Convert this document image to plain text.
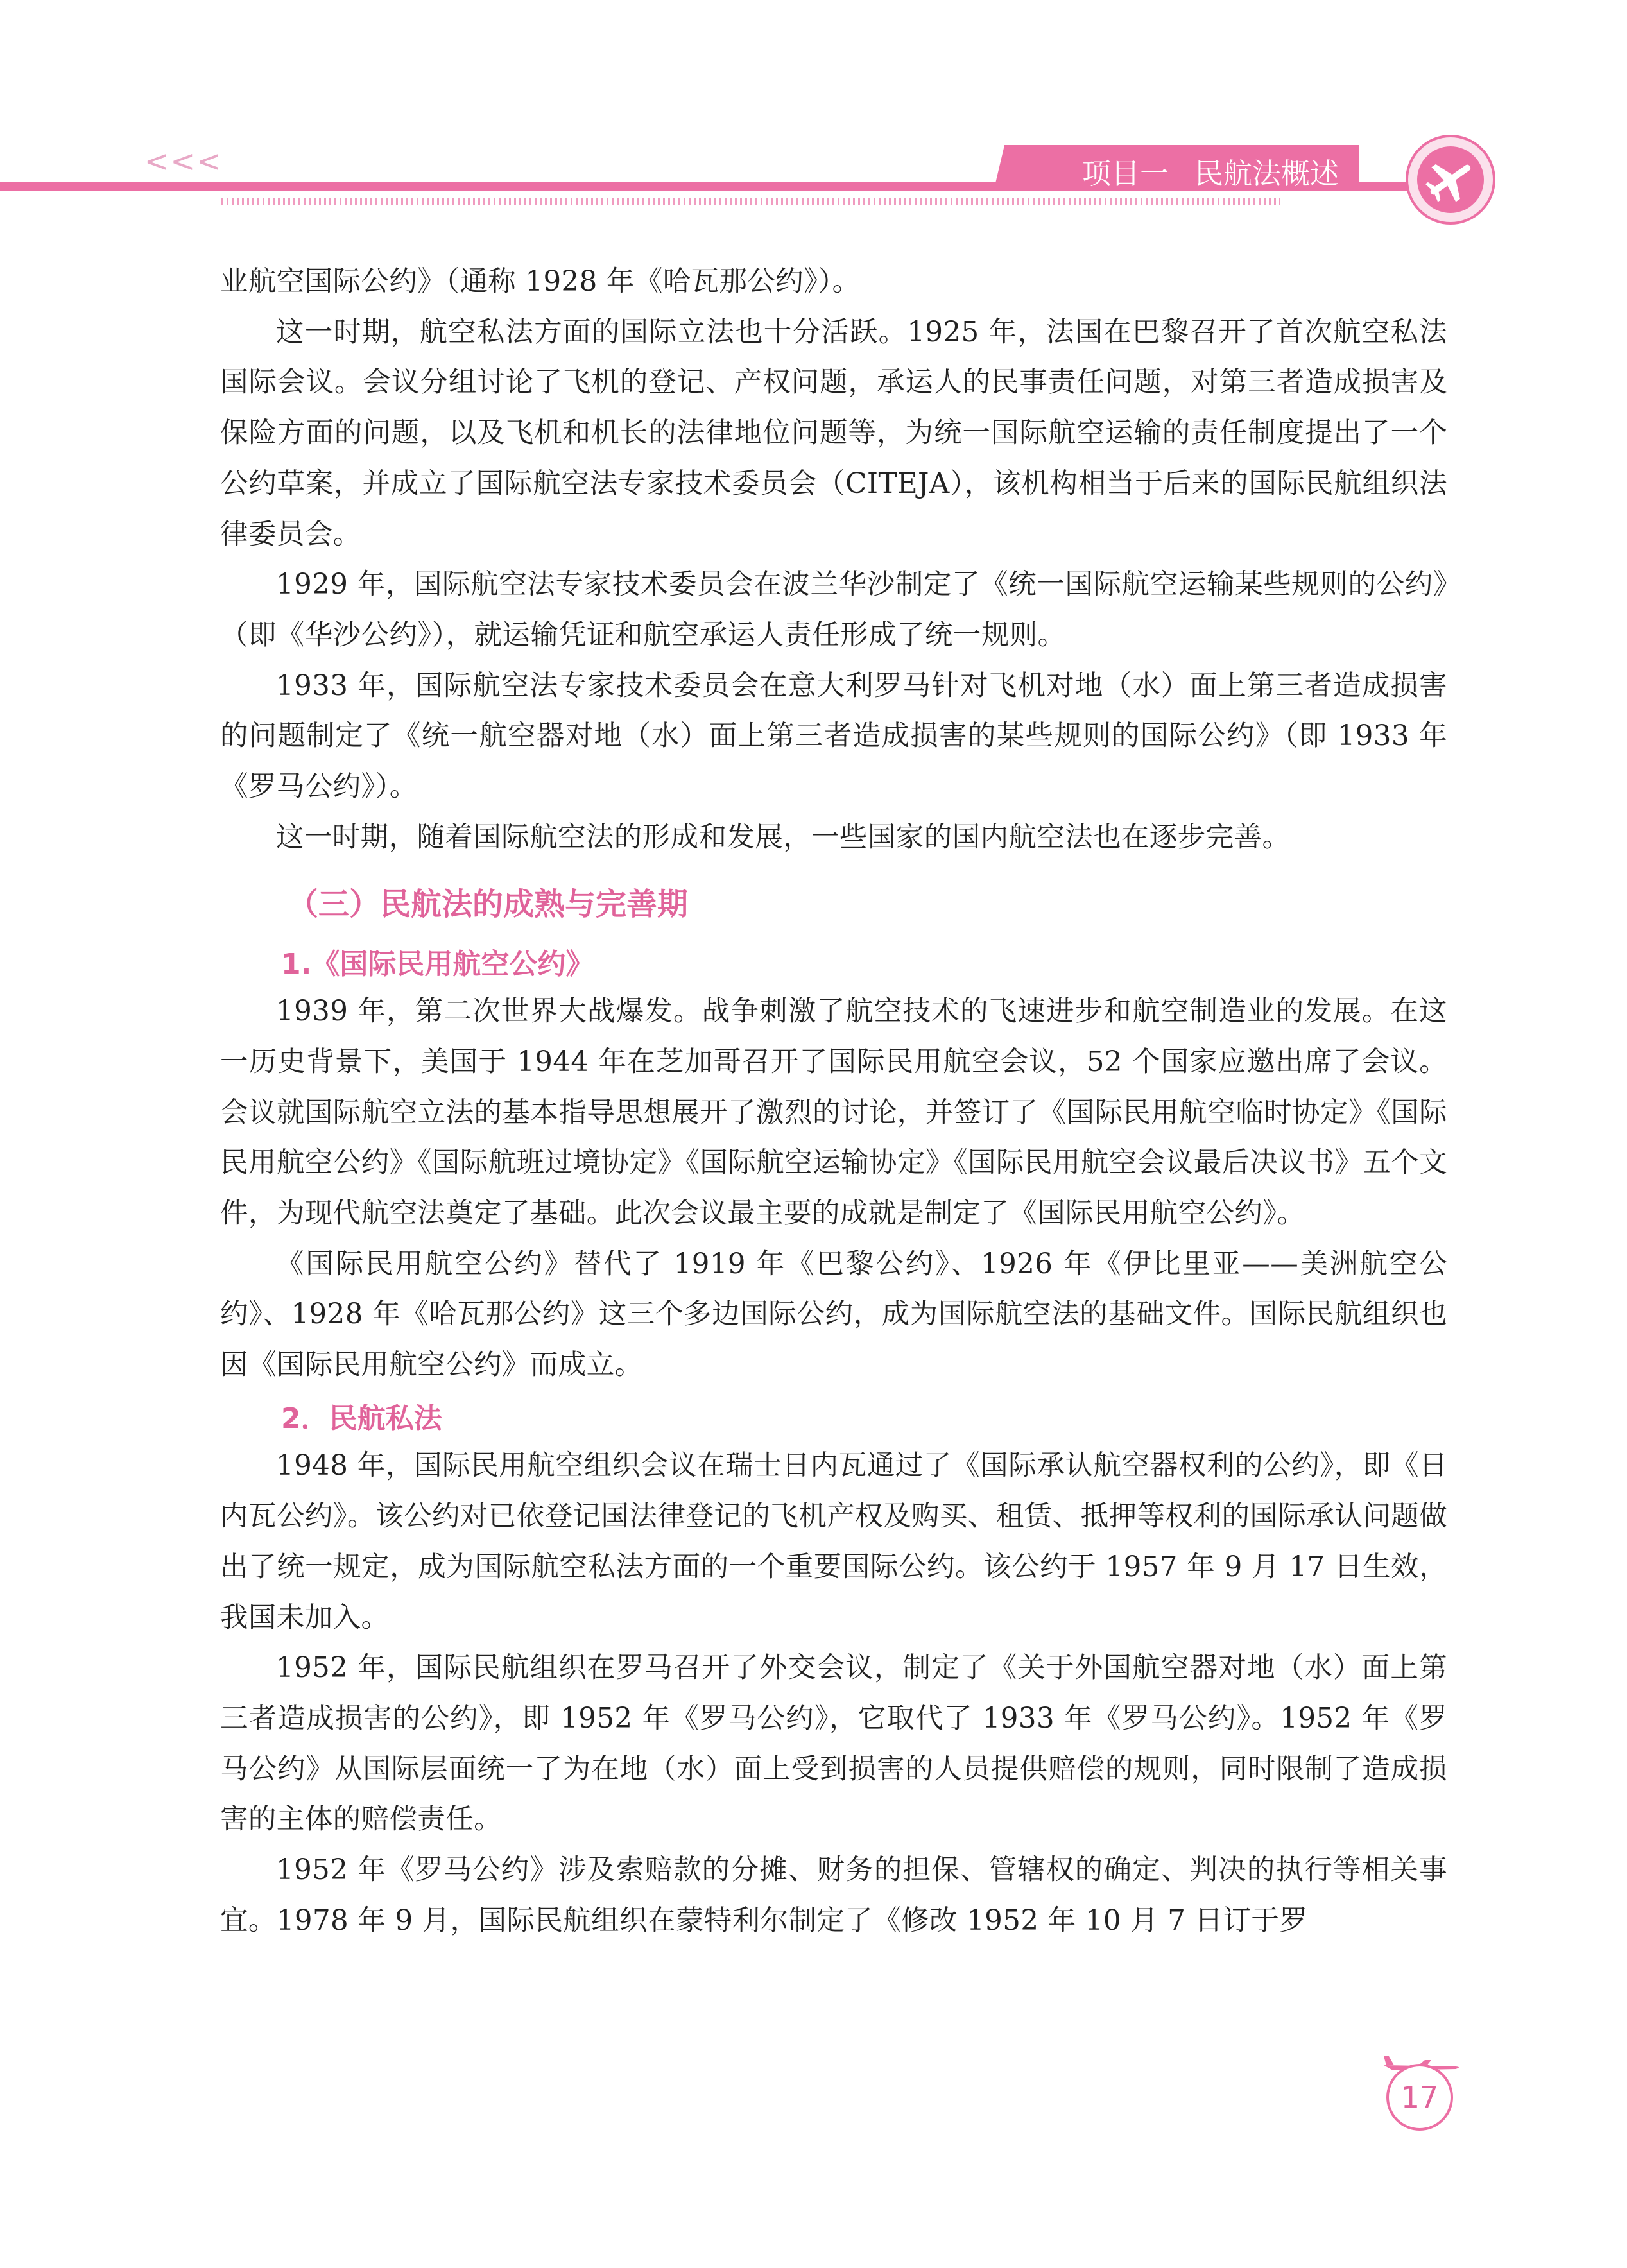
<<<	项目一 民航法概述

业航空国际公约》（通称 1928 年《哈瓦那公约》）。

这一时期，航空私法方面的国际立法也十分活跃。1925 年，法国在巴黎召开了首次航空私法国际会议。会议分组讨论了飞机的登记、产权问题，承运人的民事责任问题，对第三者造成损害及保险方面的问题，以及飞机和机长的法律地位问题等，为统一国际航空运输的责任制度提出了一个公约草案，并成立了国际航空法专家技术委员会（CITEJA），该机构相当于后来的国际民航组织法律委员会。

1929 年，国际航空法专家技术委员会在波兰华沙制定了《统一国际航空运输某些规则的公约》（即《华沙公约》），就运输凭证和航空承运人责任形成了统一规则。

1933 年，国际航空法专家技术委员会在意大利罗马针对飞机对地（水）面上第三者造成损害的问题制定了《统一航空器对地（水）面上第三者造成损害的某些规则的国际公约》（即 1933 年《罗马公约》）。

这一时期，随着国际航空法的形成和发展，一些国家的国内航空法也在逐步完善。

（三）民航法的成熟与完善期
1.《国际民用航空公约》

1939 年，第二次世界大战爆发。战争刺激了航空技术的飞速进步和航空制造业的发展。在这一历史背景下，美国于 1944 年在芝加哥召开了国际民用航空会议，52 个国家应邀出席了会议。会议就国际航空立法的基本指导思想展开了激烈的讨论，并签订了《国际民用航空临时协定》《国际民用航空公约》《国际航班过境协定》《国际航空运输协定》《国际民用航空会议最后决议书》五个文件，为现代航空法奠定了基础。此次会议最主要的成就是制定了《国际民用航空公约》。

《国际民用航空公约》替代了 1919 年《巴黎公约》、1926 年《伊比里亚——美洲航空公约》、1928 年《哈瓦那公约》这三个多边国际公约，成为国际航空法的基础文件。国际民航组织也因《国际民用航空公约》而成立。

2．民航私法

1948 年，国际民用航空组织会议在瑞士日内瓦通过了《国际承认航空器权利的公约》，即《日内瓦公约》。该公约对已依登记国法律登记的飞机产权及购买、租赁、抵押等权利的国际承认问题做出了统一规定，成为国际航空私法方面的一个重要国际公约。该公约于 1957 年 9 月 17 日生效，我国未加入。

1952 年，国际民航组织在罗马召开了外交会议，制定了《关于外国航空器对地（水）面上第三者造成损害的公约》，即 1952 年《罗马公约》，它取代了 1933 年《罗马公约》。1952 年《罗马公约》从国际层面统一了为在地（水）面上受到损害的人员提供赔偿的规则，同时限制了造成损害的主体的赔偿责任。

1952 年《罗马公约》涉及索赔款的分摊、财务的担保、管辖权的确定、判决的执行等相关事宜。1978 年 9 月，国际民航组织在蒙特利尔制定了《修改 1952 年 10 月 7 日订于罗

17
